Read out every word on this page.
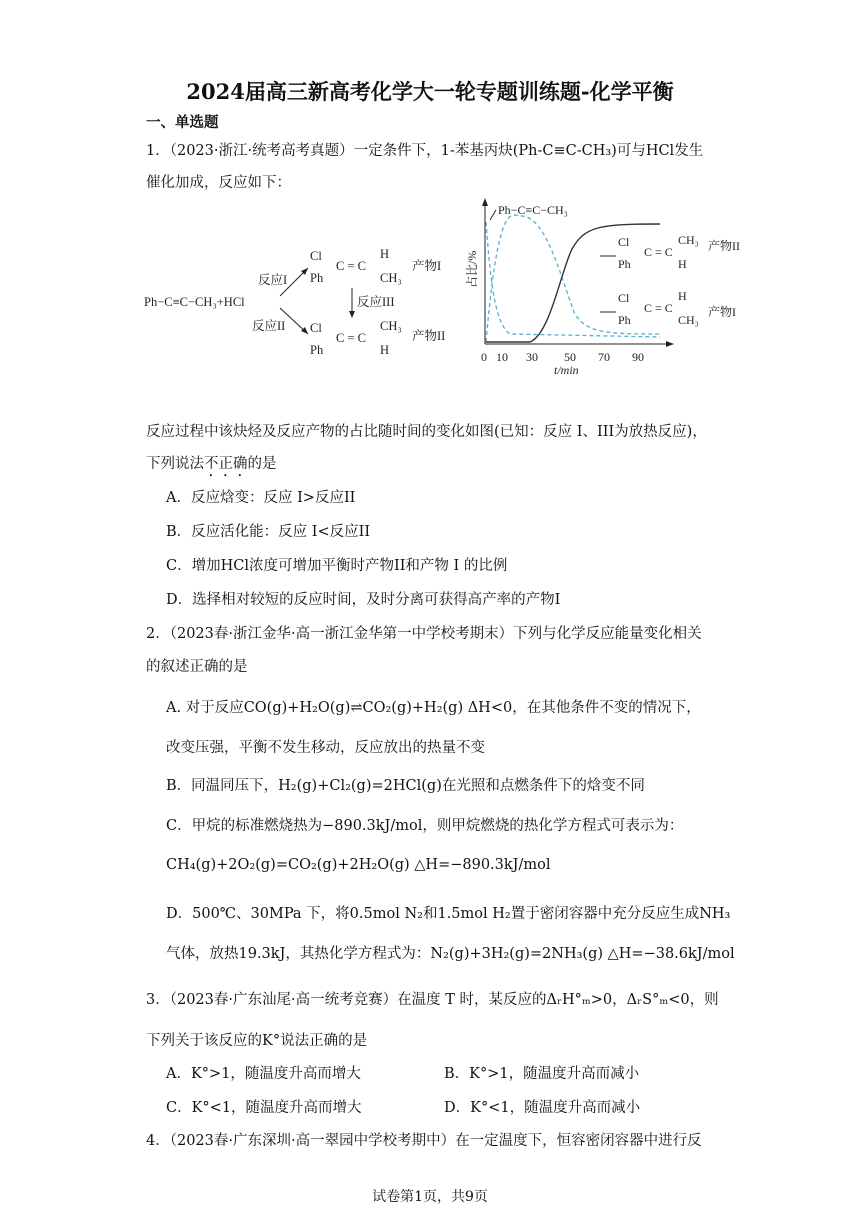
2024届高三新高考化学大一轮专题训练题-化学平衡
一、单选题
1．（2023·浙江·统考高考真题）一定条件下，1-苯基丙炔(Ph-C≡C-CH₃)可与HCl发生
催化加成，反应如下：
Ph−C≡C−CH₃+HCl
反应I
反应II
反应III
Cl
Ph
C = C
H
CH₃
产物I
Cl
Ph
C = C
CH₃
H
产物II
占比/%
t/min
0 10 30 50 70 90
Ph−C≡C−CH₃
Cl
Ph
C = C
CH₃
H
产物II
Cl
Ph
C = C
H
CH₃
产物I
反应过程中该炔烃及反应产物的占比随时间的变化如图(已知：反应 I、III为放热反应)，
下列说法不正确的是
A．反应焓变：反应 I>反应II
B．反应活化能：反应 I<反应II
C．增加HCl浓度可增加平衡时产物II和产物 I 的比例
D．选择相对较短的反应时间，及时分离可获得高产率的产物I
2．（2023春·浙江金华·高一浙江金华第一中学校考期末）下列与化学反应能量变化相关
的叙述正确的是
A. 对于反应CO(g)+H₂O(g)⇌CO₂(g)+H₂(g) ΔH<0，在其他条件不变的情况下，
改变压强，平衡不发生移动，反应放出的热量不变
B．同温同压下，H₂(g)+Cl₂(g)=2HCl(g)在光照和点燃条件下的焓变不同
C．甲烷的标准燃烧热为−890.3kJ/mol，则甲烷燃烧的热化学方程式可表示为：
CH₄(g)+2O₂(g)=CO₂(g)+2H₂O(g) △H=−890.3kJ/mol
D．500℃、30MPa 下，将0.5mol N₂和1.5mol H₂置于密闭容器中充分反应生成NH₃
气体，放热19.3kJ，其热化学方程式为：N₂(g)+3H₂(g)=2NH₃(g) △H=−38.6kJ/mol
3．（2023春·广东汕尾·高一统考竞赛）在温度 T 时，某反应的ΔᵣH°ₘ>0，ΔᵣS°ₘ<0，则
下列关于该反应的K°说法正确的是
A．K°>1，随温度升高而增大	B．K°>1，随温度升高而减小
C．K°<1，随温度升高而增大	D．K°<1，随温度升高而减小
4．（2023春·广东深圳·高一翠园中学校考期中）在一定温度下，恒容密闭容器中进行反
试卷第1页，共9页
